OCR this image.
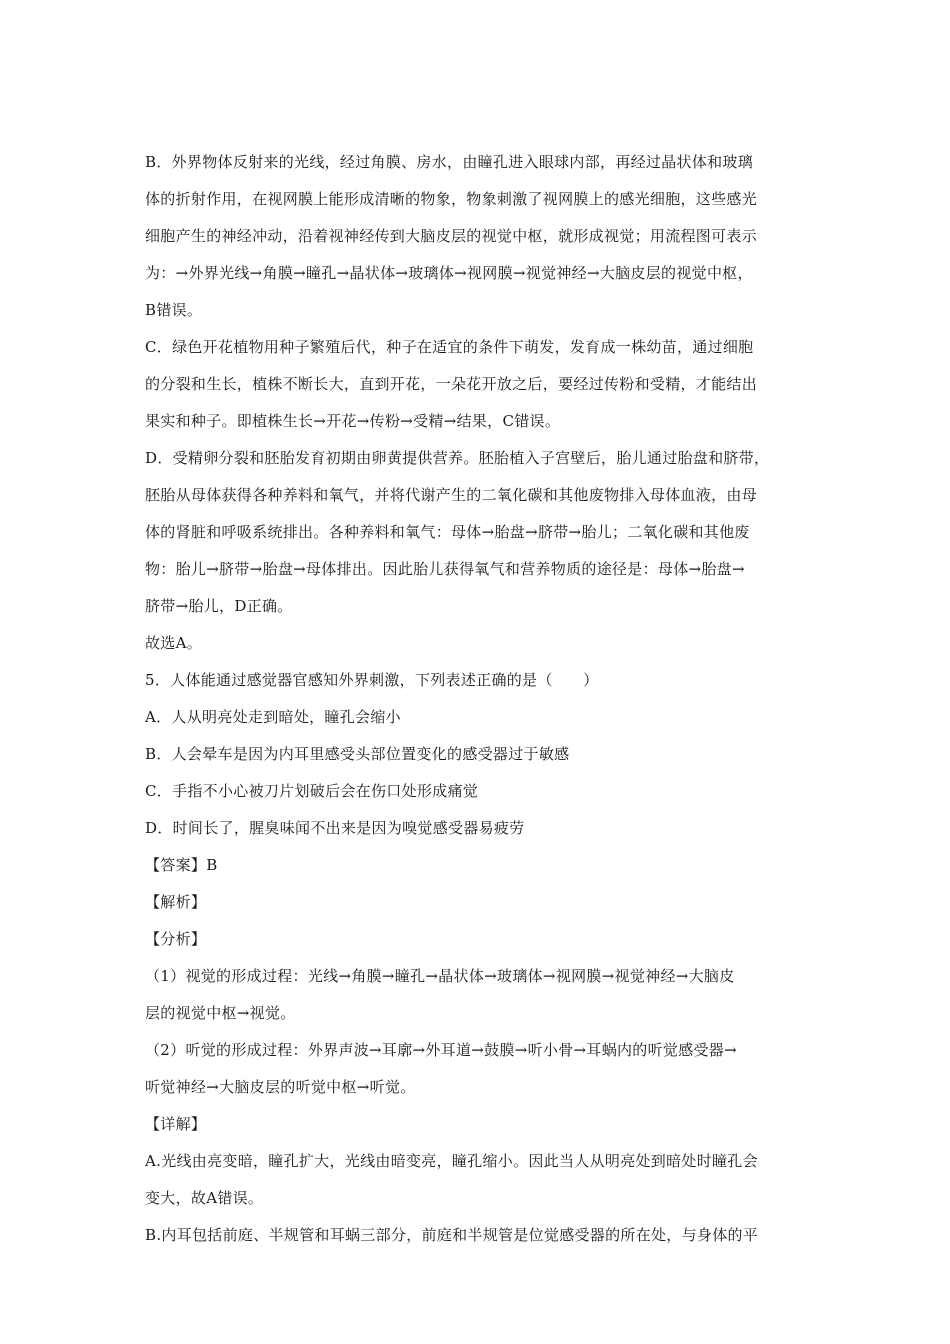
B．外界物体反射来的光线，经过角膜、房水，由瞳孔进入眼球内部，再经过晶状体和玻璃
体的折射作用，在视网膜上能形成清晰的物象，物象刺激了视网膜上的感光细胞，这些感光
细胞产生的神经冲动，沿着视神经传到大脑皮层的视觉中枢，就形成视觉；用流程图可表示
为：→外界光线→角膜→瞳孔→晶状体→玻璃体→视网膜→视觉神经→大脑皮层的视觉中枢，
B错误。
C．绿色开花植物用种子繁殖后代，种子在适宜的条件下萌发，发育成一株幼苗，通过细胞
的分裂和生长，植株不断长大，直到开花，一朵花开放之后，要经过传粉和受精，才能结出
果实和种子。即植株生长→开花→传粉→受精→结果，C错误。
D．受精卵分裂和胚胎发育初期由卵黄提供营养。胚胎植入子宫壁后，胎儿通过胎盘和脐带，
胚胎从母体获得各种养料和氧气，并将代谢产生的二氧化碳和其他废物排入母体血液，由母
体的肾脏和呼吸系统排出。各种养料和氧气：母体→胎盘→脐带→胎儿；二氧化碳和其他废
物：胎儿→脐带→胎盘→母体排出。因此胎儿获得氧气和营养物质的途径是：母体→胎盘→
脐带→胎儿，D正确。
故选A。
5．人体能通过感觉器官感知外界刺激，下列表述正确的是（　　）
A．人从明亮处走到暗处，瞳孔会缩小
B．人会晕车是因为内耳里感受头部位置变化的感受器过于敏感
C．手指不小心被刀片划破后会在伤口处形成痛觉
D．时间长了，腥臭味闻不出来是因为嗅觉感受器易疲劳
【答案】B
【解析】
【分析】
（1）视觉的形成过程：光线→角膜→瞳孔→晶状体→玻璃体→视网膜→视觉神经→大脑皮
层的视觉中枢→视觉。
（2）听觉的形成过程：外界声波→耳廓→外耳道→鼓膜→听小骨→耳蜗内的听觉感受器→
听觉神经→大脑皮层的听觉中枢→听觉。
【详解】
A.光线由亮变暗，瞳孔扩大，光线由暗变亮，瞳孔缩小。因此当人从明亮处到暗处时瞳孔会
变大，故A错误。
B.内耳包括前庭、半规管和耳蜗三部分，前庭和半规管是位觉感受器的所在处，与身体的平
